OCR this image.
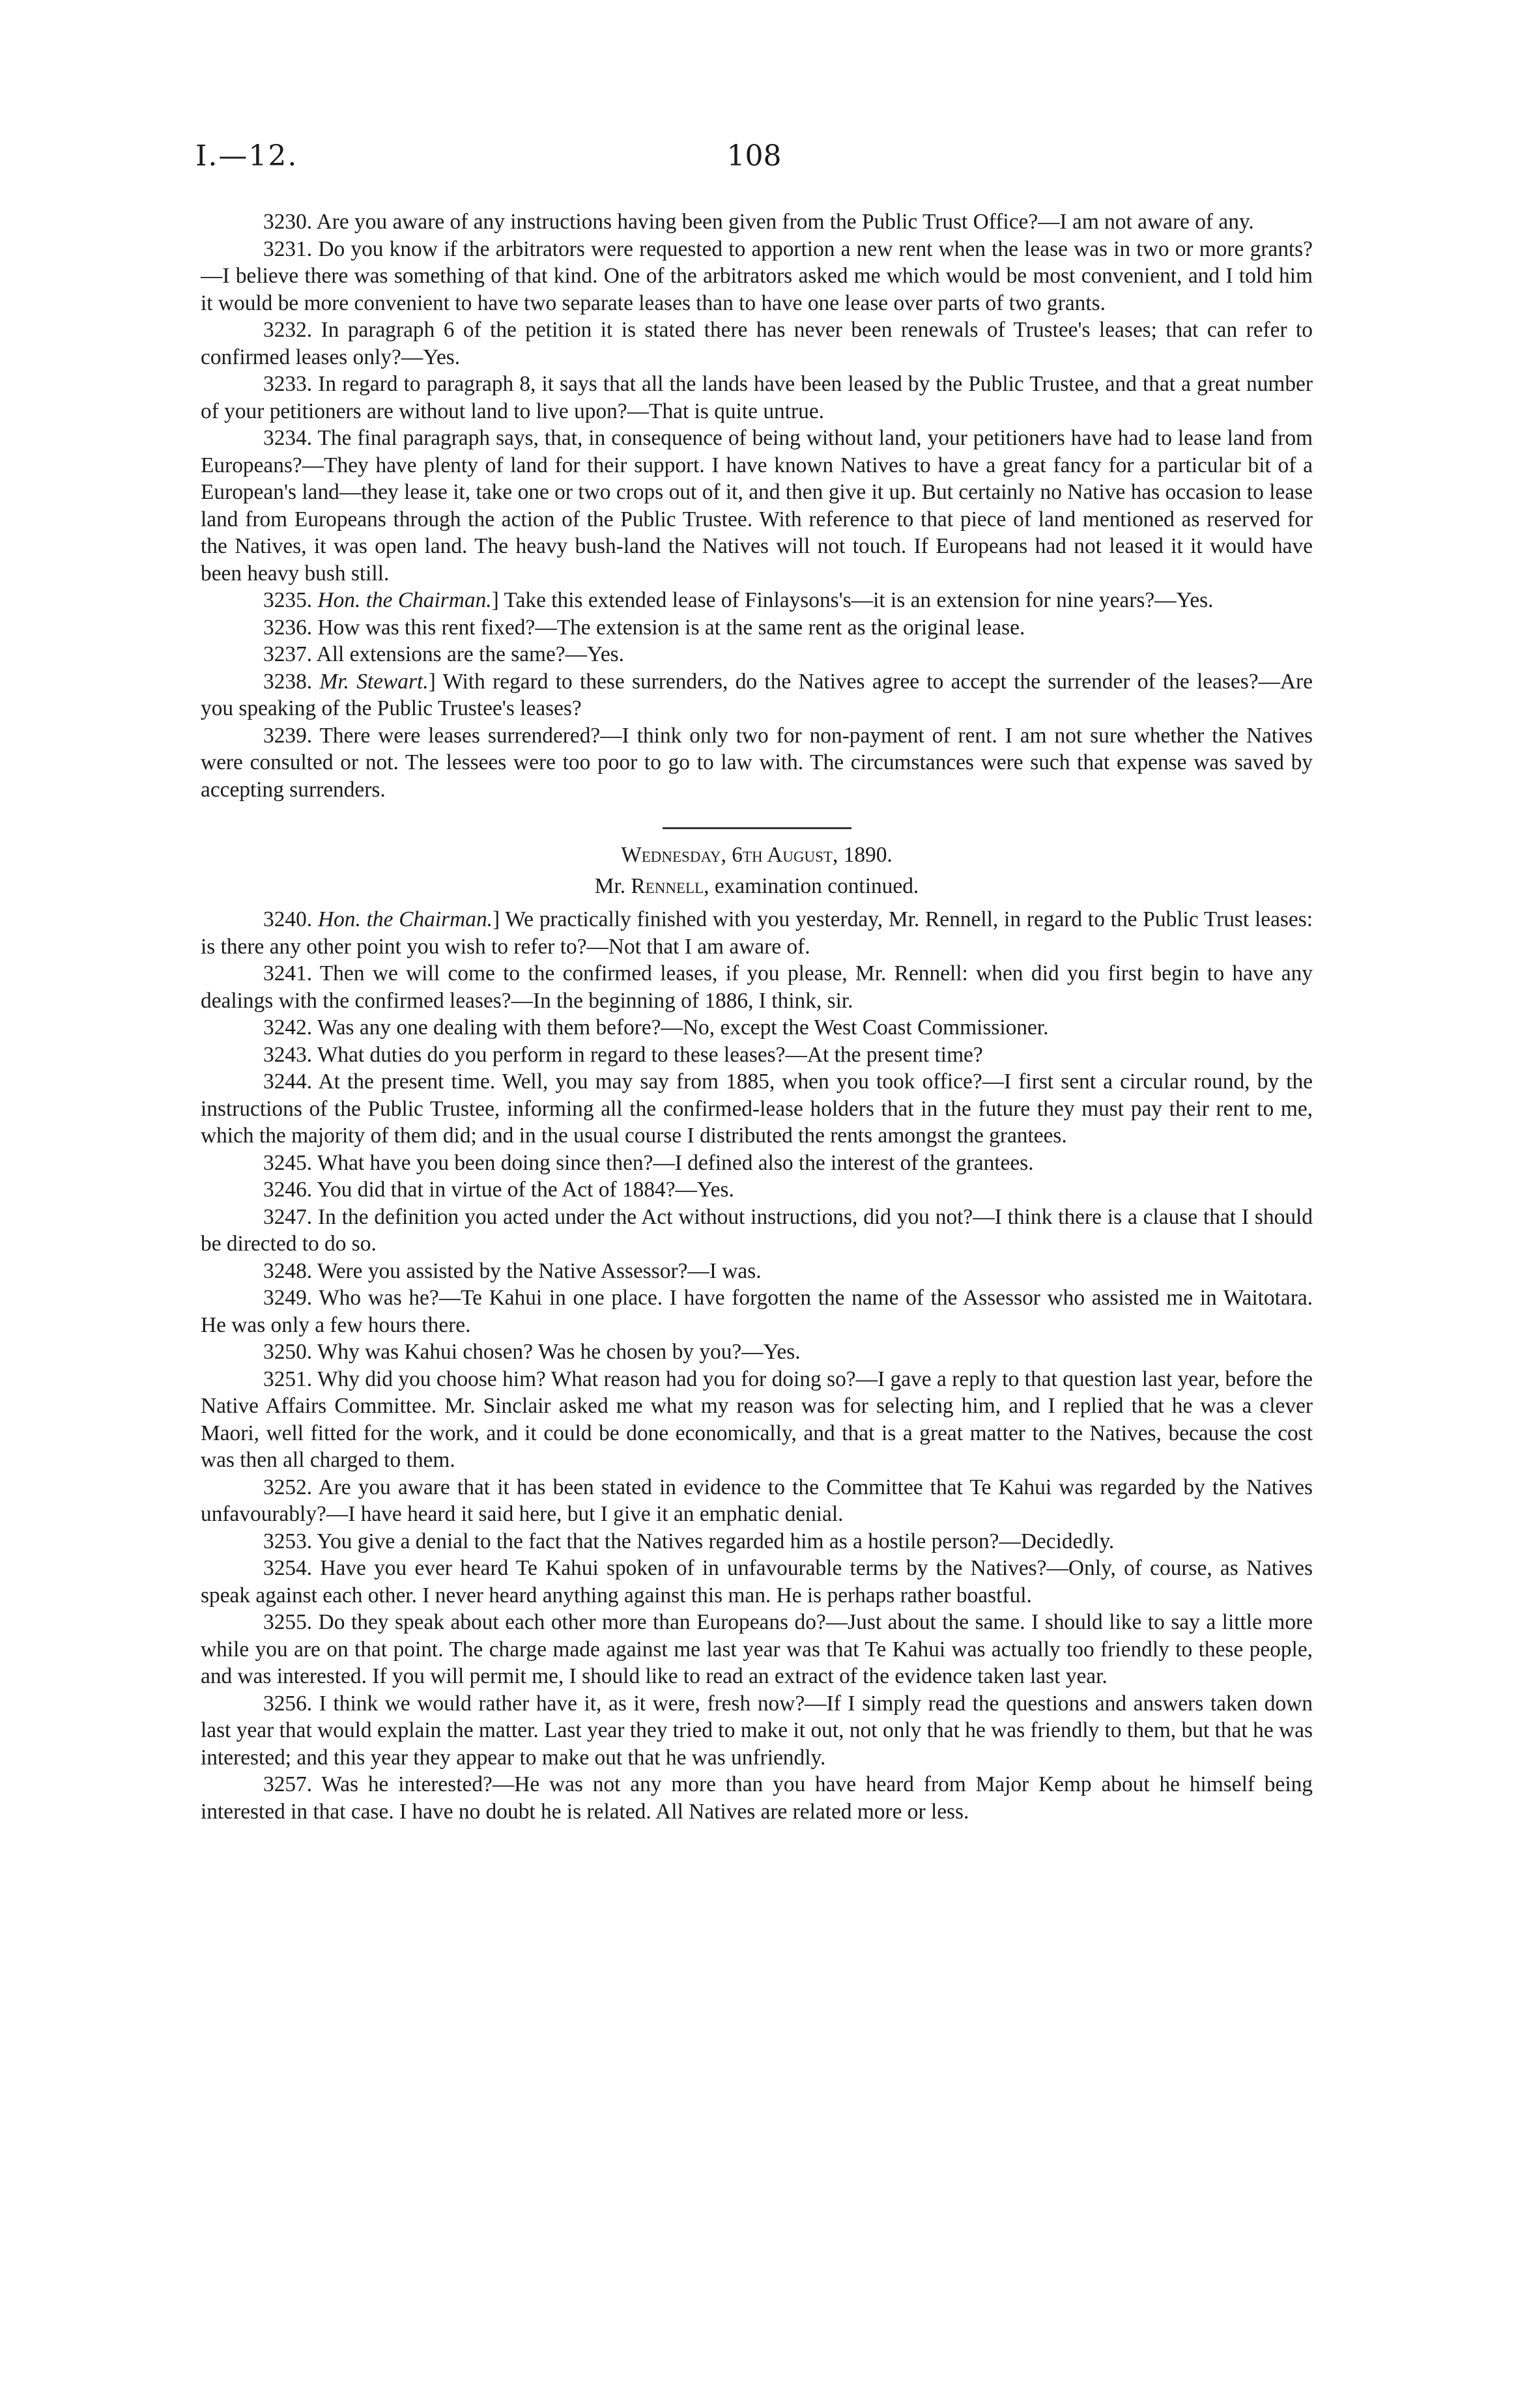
I.—12.	108

3230. Are you aware of any instructions having been given from the Public Trust Office?—I am not aware of any.

3231. Do you know if the arbitrators were requested to apportion a new rent when the lease was in two or more grants?—I believe there was something of that kind. One of the arbitrators asked me which would be most convenient, and I told him it would be more convenient to have two separate leases than to have one lease over parts of two grants.

3232. In paragraph 6 of the petition it is stated there has never been renewals of Trustee's leases; that can refer to confirmed leases only?—Yes.

3233. In regard to paragraph 8, it says that all the lands have been leased by the Public Trustee, and that a great number of your petitioners are without land to live upon?—That is quite untrue.

3234. The final paragraph says, that, in consequence of being without land, your petitioners have had to lease land from Europeans?—They have plenty of land for their support. I have known Natives to have a great fancy for a particular bit of a European's land—they lease it, take one or two crops out of it, and then give it up. But certainly no Native has occasion to lease land from Europeans through the action of the Public Trustee. With reference to that piece of land mentioned as reserved for the Natives, it was open land. The heavy bush-land the Natives will not touch. If Europeans had not leased it it would have been heavy bush still.

3235. Hon. the Chairman.] Take this extended lease of Finlaysons's—it is an extension for nine years?—Yes.

3236. How was this rent fixed?—The extension is at the same rent as the original lease.

3237. All extensions are the same?—Yes.

3238. Mr. Stewart.] With regard to these surrenders, do the Natives agree to accept the surrender of the leases?—Are you speaking of the Public Trustee's leases?

3239. There were leases surrendered?—I think only two for non-payment of rent. I am not sure whether the Natives were consulted or not. The lessees were too poor to go to law with. The circumstances were such that expense was saved by accepting surrenders.

Wednesday, 6th August, 1890.
Mr. Rennell, examination continued.

3240. Hon. the Chairman.] We practically finished with you yesterday, Mr. Rennell, in regard to the Public Trust leases: is there any other point you wish to refer to?—Not that I am aware of.

3241. Then we will come to the confirmed leases, if you please, Mr. Rennell: when did you first begin to have any dealings with the confirmed leases?—In the beginning of 1886, I think, sir.

3242. Was any one dealing with them before?—No, except the West Coast Commissioner.

3243. What duties do you perform in regard to these leases?—At the present time?

3244. At the present time. Well, you may say from 1885, when you took office?—I first sent a circular round, by the instructions of the Public Trustee, informing all the confirmed-lease holders that in the future they must pay their rent to me, which the majority of them did; and in the usual course I distributed the rents amongst the grantees.

3245. What have you been doing since then?—I defined also the interest of the grantees.

3246. You did that in virtue of the Act of 1884?—Yes.

3247. In the definition you acted under the Act without instructions, did you not?—I think there is a clause that I should be directed to do so.

3248. Were you assisted by the Native Assessor?—I was.

3249. Who was he?—Te Kahui in one place. I have forgotten the name of the Assessor who assisted me in Waitotara. He was only a few hours there.

3250. Why was Kahui chosen? Was he chosen by you?—Yes.

3251. Why did you choose him? What reason had you for doing so?—I gave a reply to that question last year, before the Native Affairs Committee. Mr. Sinclair asked me what my reason was for selecting him, and I replied that he was a clever Maori, well fitted for the work, and it could be done economically, and that is a great matter to the Natives, because the cost was then all charged to them.

3252. Are you aware that it has been stated in evidence to the Committee that Te Kahui was regarded by the Natives unfavourably?—I have heard it said here, but I give it an emphatic denial.

3253. You give a denial to the fact that the Natives regarded him as a hostile person?—Decidedly.

3254. Have you ever heard Te Kahui spoken of in unfavourable terms by the Natives?—Only, of course, as Natives speak against each other. I never heard anything against this man. He is perhaps rather boastful.

3255. Do they speak about each other more than Europeans do?—Just about the same. I should like to say a little more while you are on that point. The charge made against me last year was that Te Kahui was actually too friendly to these people, and was interested. If you will permit me, I should like to read an extract of the evidence taken last year.

3256. I think we would rather have it, as it were, fresh now?—If I simply read the questions and answers taken down last year that would explain the matter. Last year they tried to make it out, not only that he was friendly to them, but that he was interested; and this year they appear to make out that he was unfriendly.

3257. Was he interested?—He was not any more than you have heard from Major Kemp about he himself being interested in that case. I have no doubt he is related. All Natives are related more or less.
